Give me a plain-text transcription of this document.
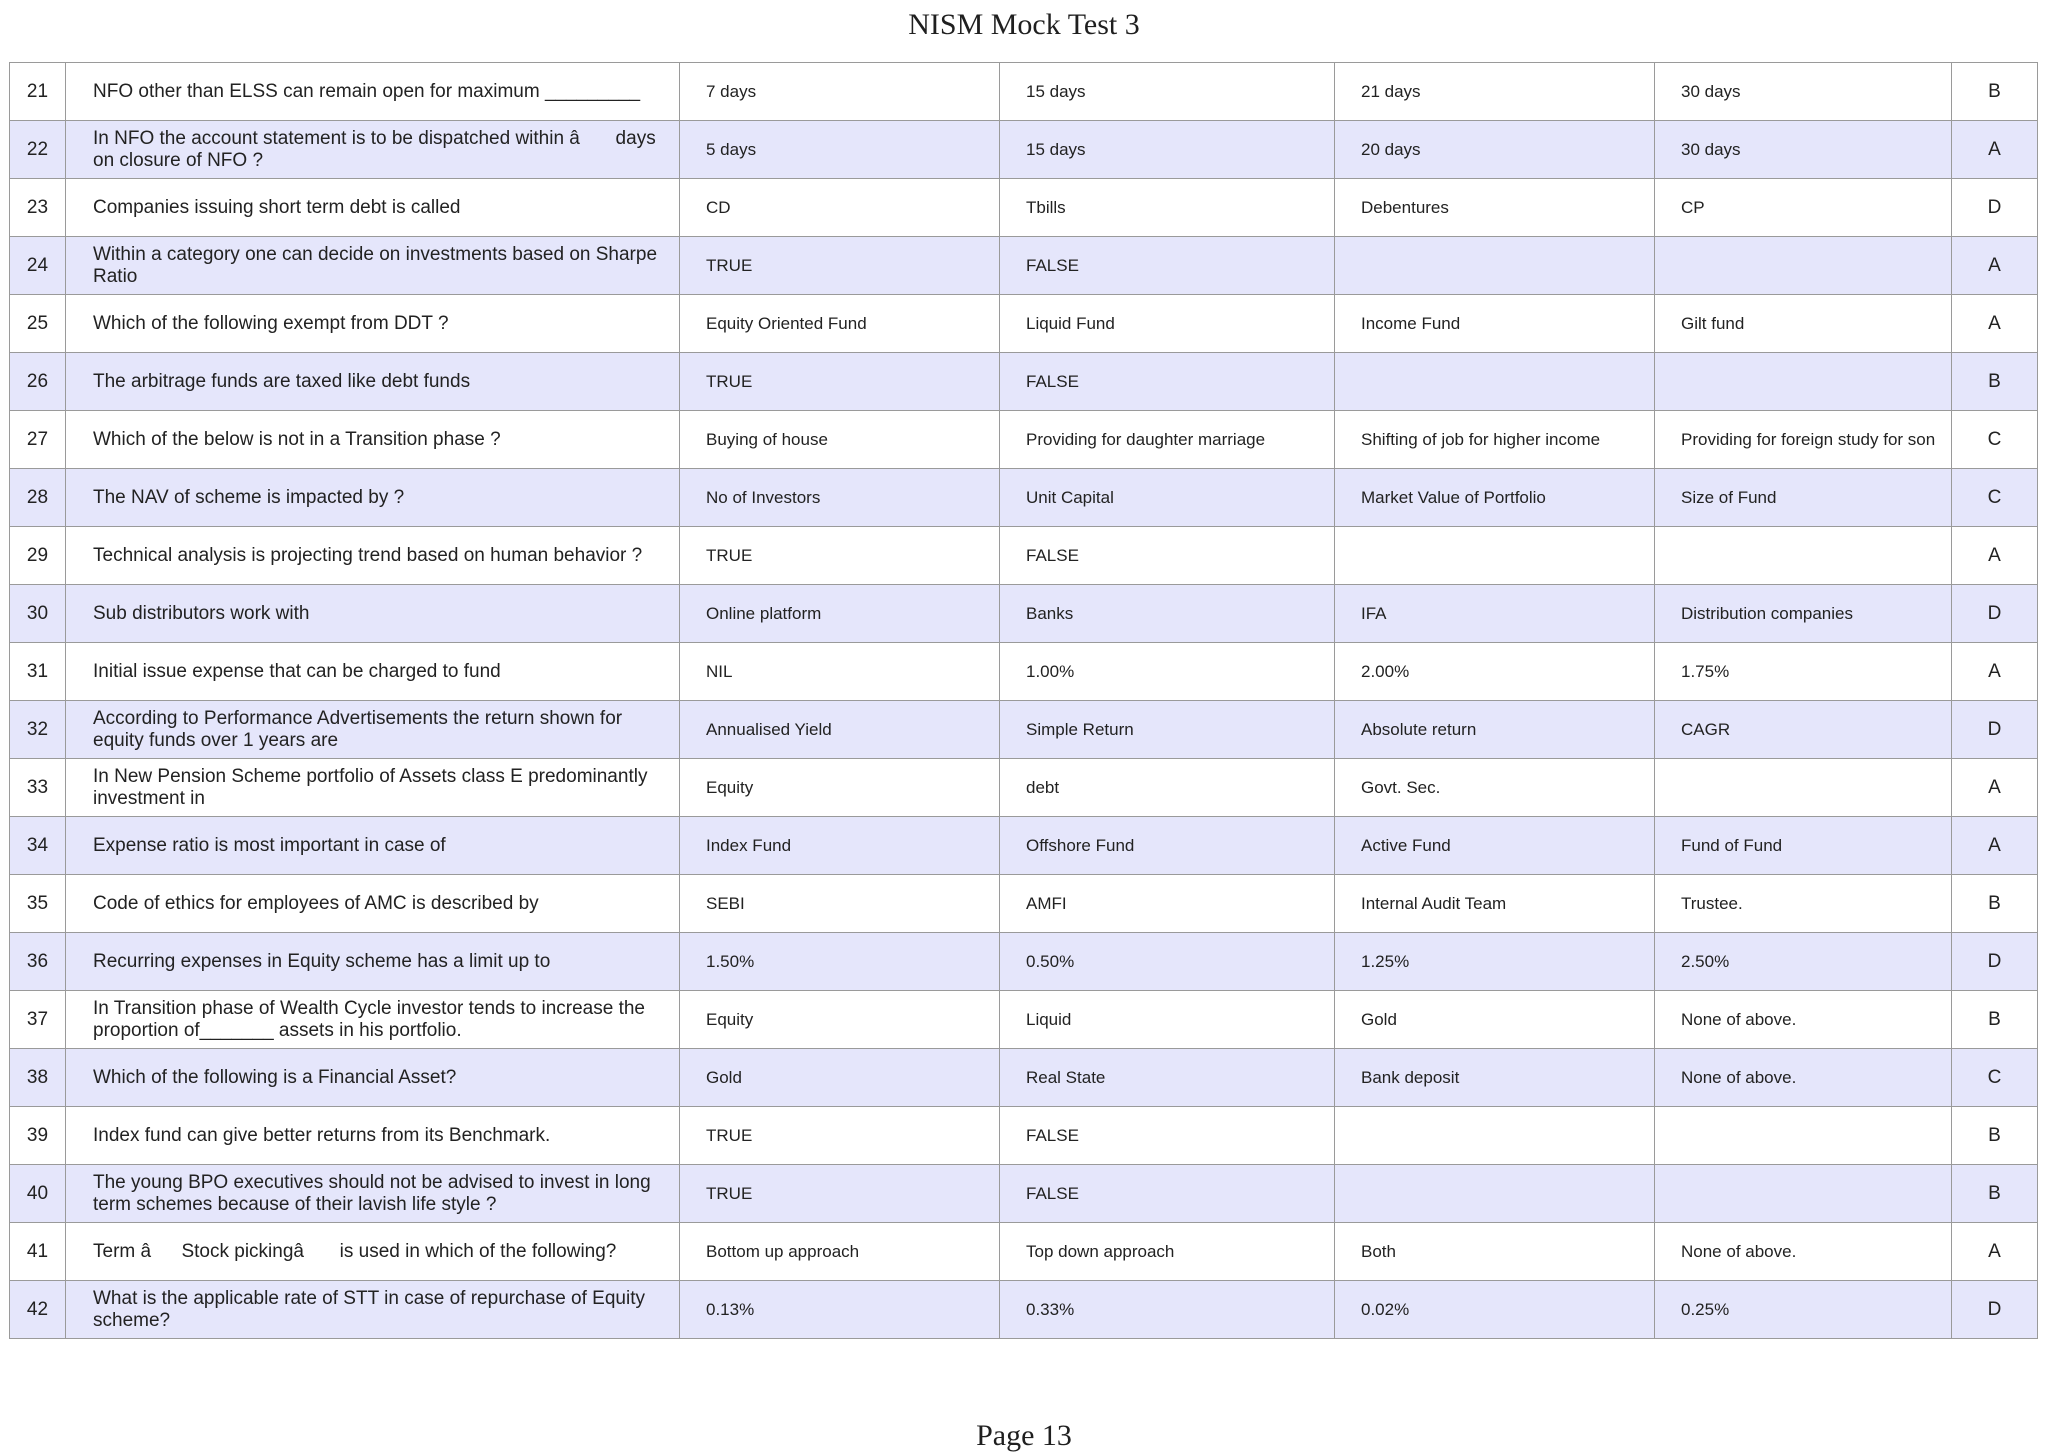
NISM Mock Test 3
21	NFO other than ELSS can remain open for maximum _________	7 days	15 days	21 days	30 days	B
22	In NFO the account statement is to be dispatched within â days on closure of NFO ?	5 days	15 days	20 days	30 days	A
23	Companies issuing short term debt is called	CD	Tbills	Debentures	CP	D
24	Within a category one can decide on investments based on Sharpe Ratio	TRUE	FALSE			A
25	Which of the following exempt from DDT ?	Equity Oriented Fund	Liquid Fund	Income Fund	Gilt fund	A
26	The arbitrage funds are taxed like debt funds	TRUE	FALSE			B
27	Which of the below is not in a Transition phase ?	Buying of house	Providing for daughter marriage	Shifting of job for higher income	Providing for foreign study for son	C
28	The NAV of scheme is impacted by ?	No of Investors	Unit Capital	Market Value of Portfolio	Size of Fund	C
29	Technical analysis is projecting trend based on human behavior ?	TRUE	FALSE			A
30	Sub distributors work with	Online platform	Banks	IFA	Distribution companies	D
31	Initial issue expense that can be charged to fund	NIL	1.00%	2.00%	1.75%	A
32	According to Performance Advertisements the return shown for equity funds over 1 years are	Annualised Yield	Simple Return	Absolute return	CAGR	D
33	In New Pension Scheme portfolio of Assets class E predominantly investment in	Equity	debt	Govt. Sec.		A
34	Expense ratio is most important in case of	Index Fund	Offshore Fund	Active Fund	Fund of Fund	A
35	Code of ethics for employees of AMC is described by	SEBI	AMFI	Internal Audit Team	Trustee.	B
36	Recurring expenses in Equity scheme has a limit up to	1.50%	0.50%	1.25%	2.50%	D
37	In Transition phase of Wealth Cycle investor tends to increase the proportion of_______ assets in his portfolio.	Equity	Liquid	Gold	None of above.	B
38	Which of the following is a Financial Asset?	Gold	Real State	Bank deposit	None of above.	C
39	Index fund can give better returns from its Benchmark.	TRUE	FALSE			B
40	The young BPO executives should not be advised to invest in long term schemes because of their lavish life style ?	TRUE	FALSE			B
41	Term âStock pickingâ is used in which of the following?	Bottom up approach	Top down approach	Both	None of above.	A
42	What is the applicable rate of STT in case of repurchase of Equity scheme?	0.13%	0.33%	0.02%	0.25%	D
Page 13
